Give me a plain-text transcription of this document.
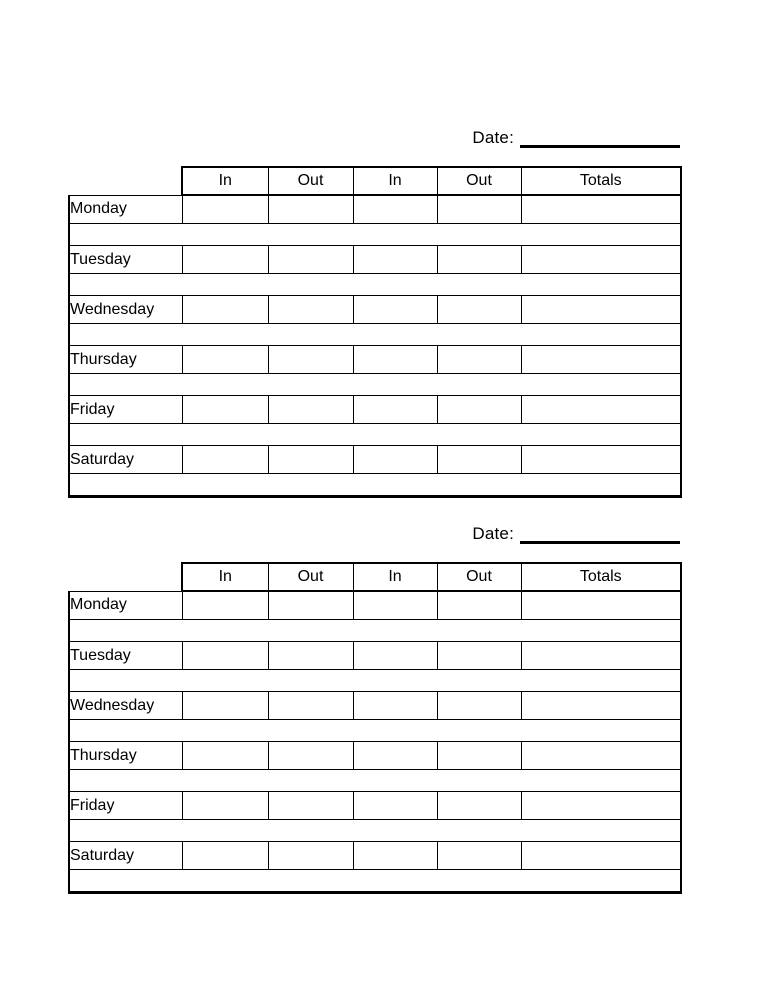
Date:
	In	Out	In	Out	Totals
Monday					

Tuesday					

Wednesday					

Thursday					

Friday					

Saturday					

Date:
	In	Out	In	Out	Totals
Monday					

Tuesday					

Wednesday					

Thursday					

Friday					

Saturday					
